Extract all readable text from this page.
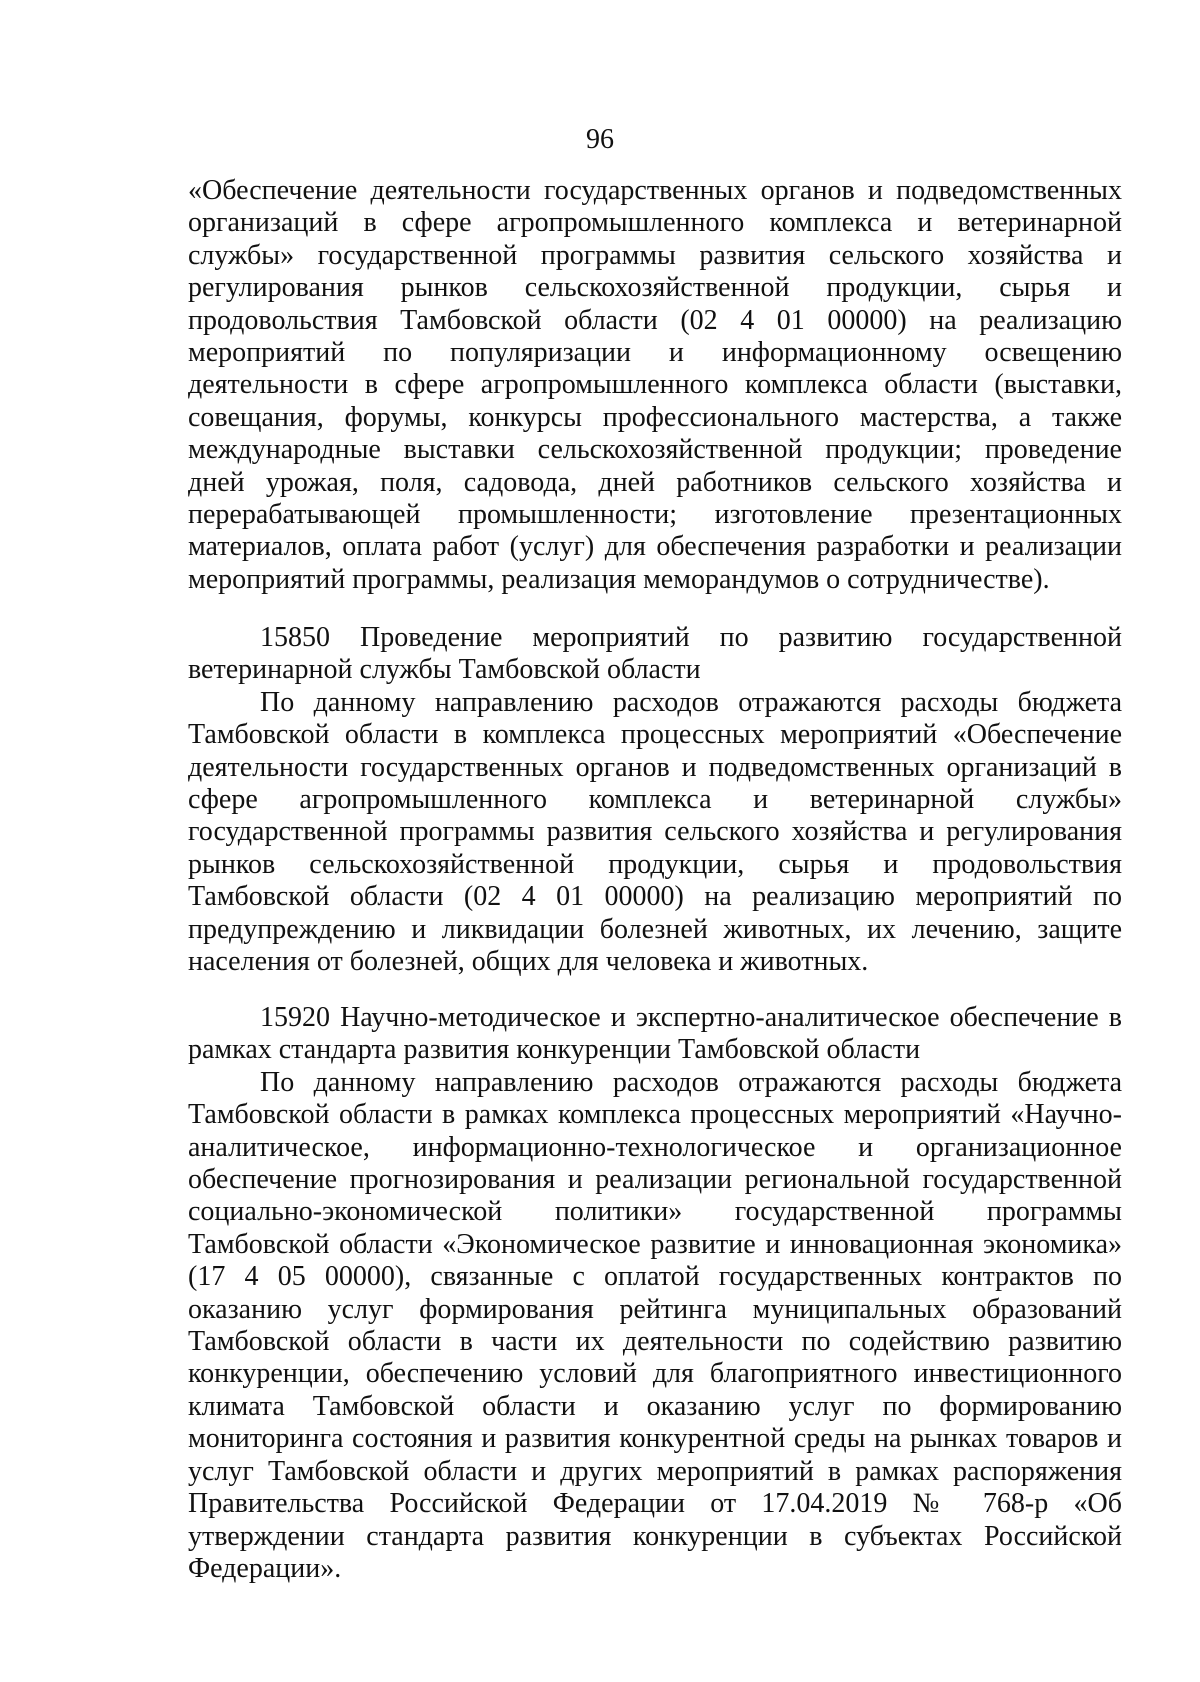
96

«Обеспечение деятельности государственных органов и подведомственных организаций в сфере агропромышленного комплекса и ветеринарной службы» государственной программы развития сельского хозяйства и регулирования рынков сельскохозяйственной продукции, сырья и продовольствия Тамбовской области (02 4 01 00000) на реализацию мероприятий по популяризации и информационному освещению деятельности в сфере агропромышленного комплекса области (выставки, совещания, форумы, конкурсы профессионального мастерства, а также международные выставки сельскохозяйственной продукции; проведение дней урожая, поля, садовода, дней работников сельского хозяйства и перерабатывающей промышленности; изготовление презентационных материалов, оплата работ (услуг) для обеспечения разработки и реализации мероприятий программы, реализация меморандумов о сотрудничестве).

15850 Проведение мероприятий по развитию государственной ветеринарной службы Тамбовской области

По данному направлению расходов отражаются расходы бюджета Тамбовской области в комплекса процессных мероприятий «Обеспечение деятельности государственных органов и подведомственных организаций в сфере агропромышленного комплекса и ветеринарной службы» государственной программы развития сельского хозяйства и регулирования рынков сельскохозяйственной продукции, сырья и продовольствия Тамбовской области (02 4 01 00000) на реализацию мероприятий по предупреждению и ликвидации болезней животных, их лечению, защите населения от болезней, общих для человека и животных.

15920 Научно-методическое и экспертно-аналитическое обеспечение в рамках стандарта развития конкуренции Тамбовской области

По данному направлению расходов отражаются расходы бюджета Тамбовской области в рамках комплекса процессных мероприятий «Научно-аналитическое, информационно-технологическое и организационное обеспечение прогнозирования и реализации региональной государственной социально-экономической политики» государственной программы Тамбовской области «Экономическое развитие и инновационная экономика» (17 4 05 00000), связанные с оплатой государственных контрактов по оказанию услуг формирования рейтинга муниципальных образований Тамбовской области в части их деятельности по содействию развитию конкуренции, обеспечению условий для благоприятного инвестиционного климата Тамбовской области и оказанию услуг по формированию мониторинга состояния и развития конкурентной среды на рынках товаров и услуг Тамбовской области и других мероприятий в рамках распоряжения Правительства Российской Федерации от 17.04.2019 № 768-р «Об утверждении стандарта развития конкуренции в субъектах Российской Федерации».
